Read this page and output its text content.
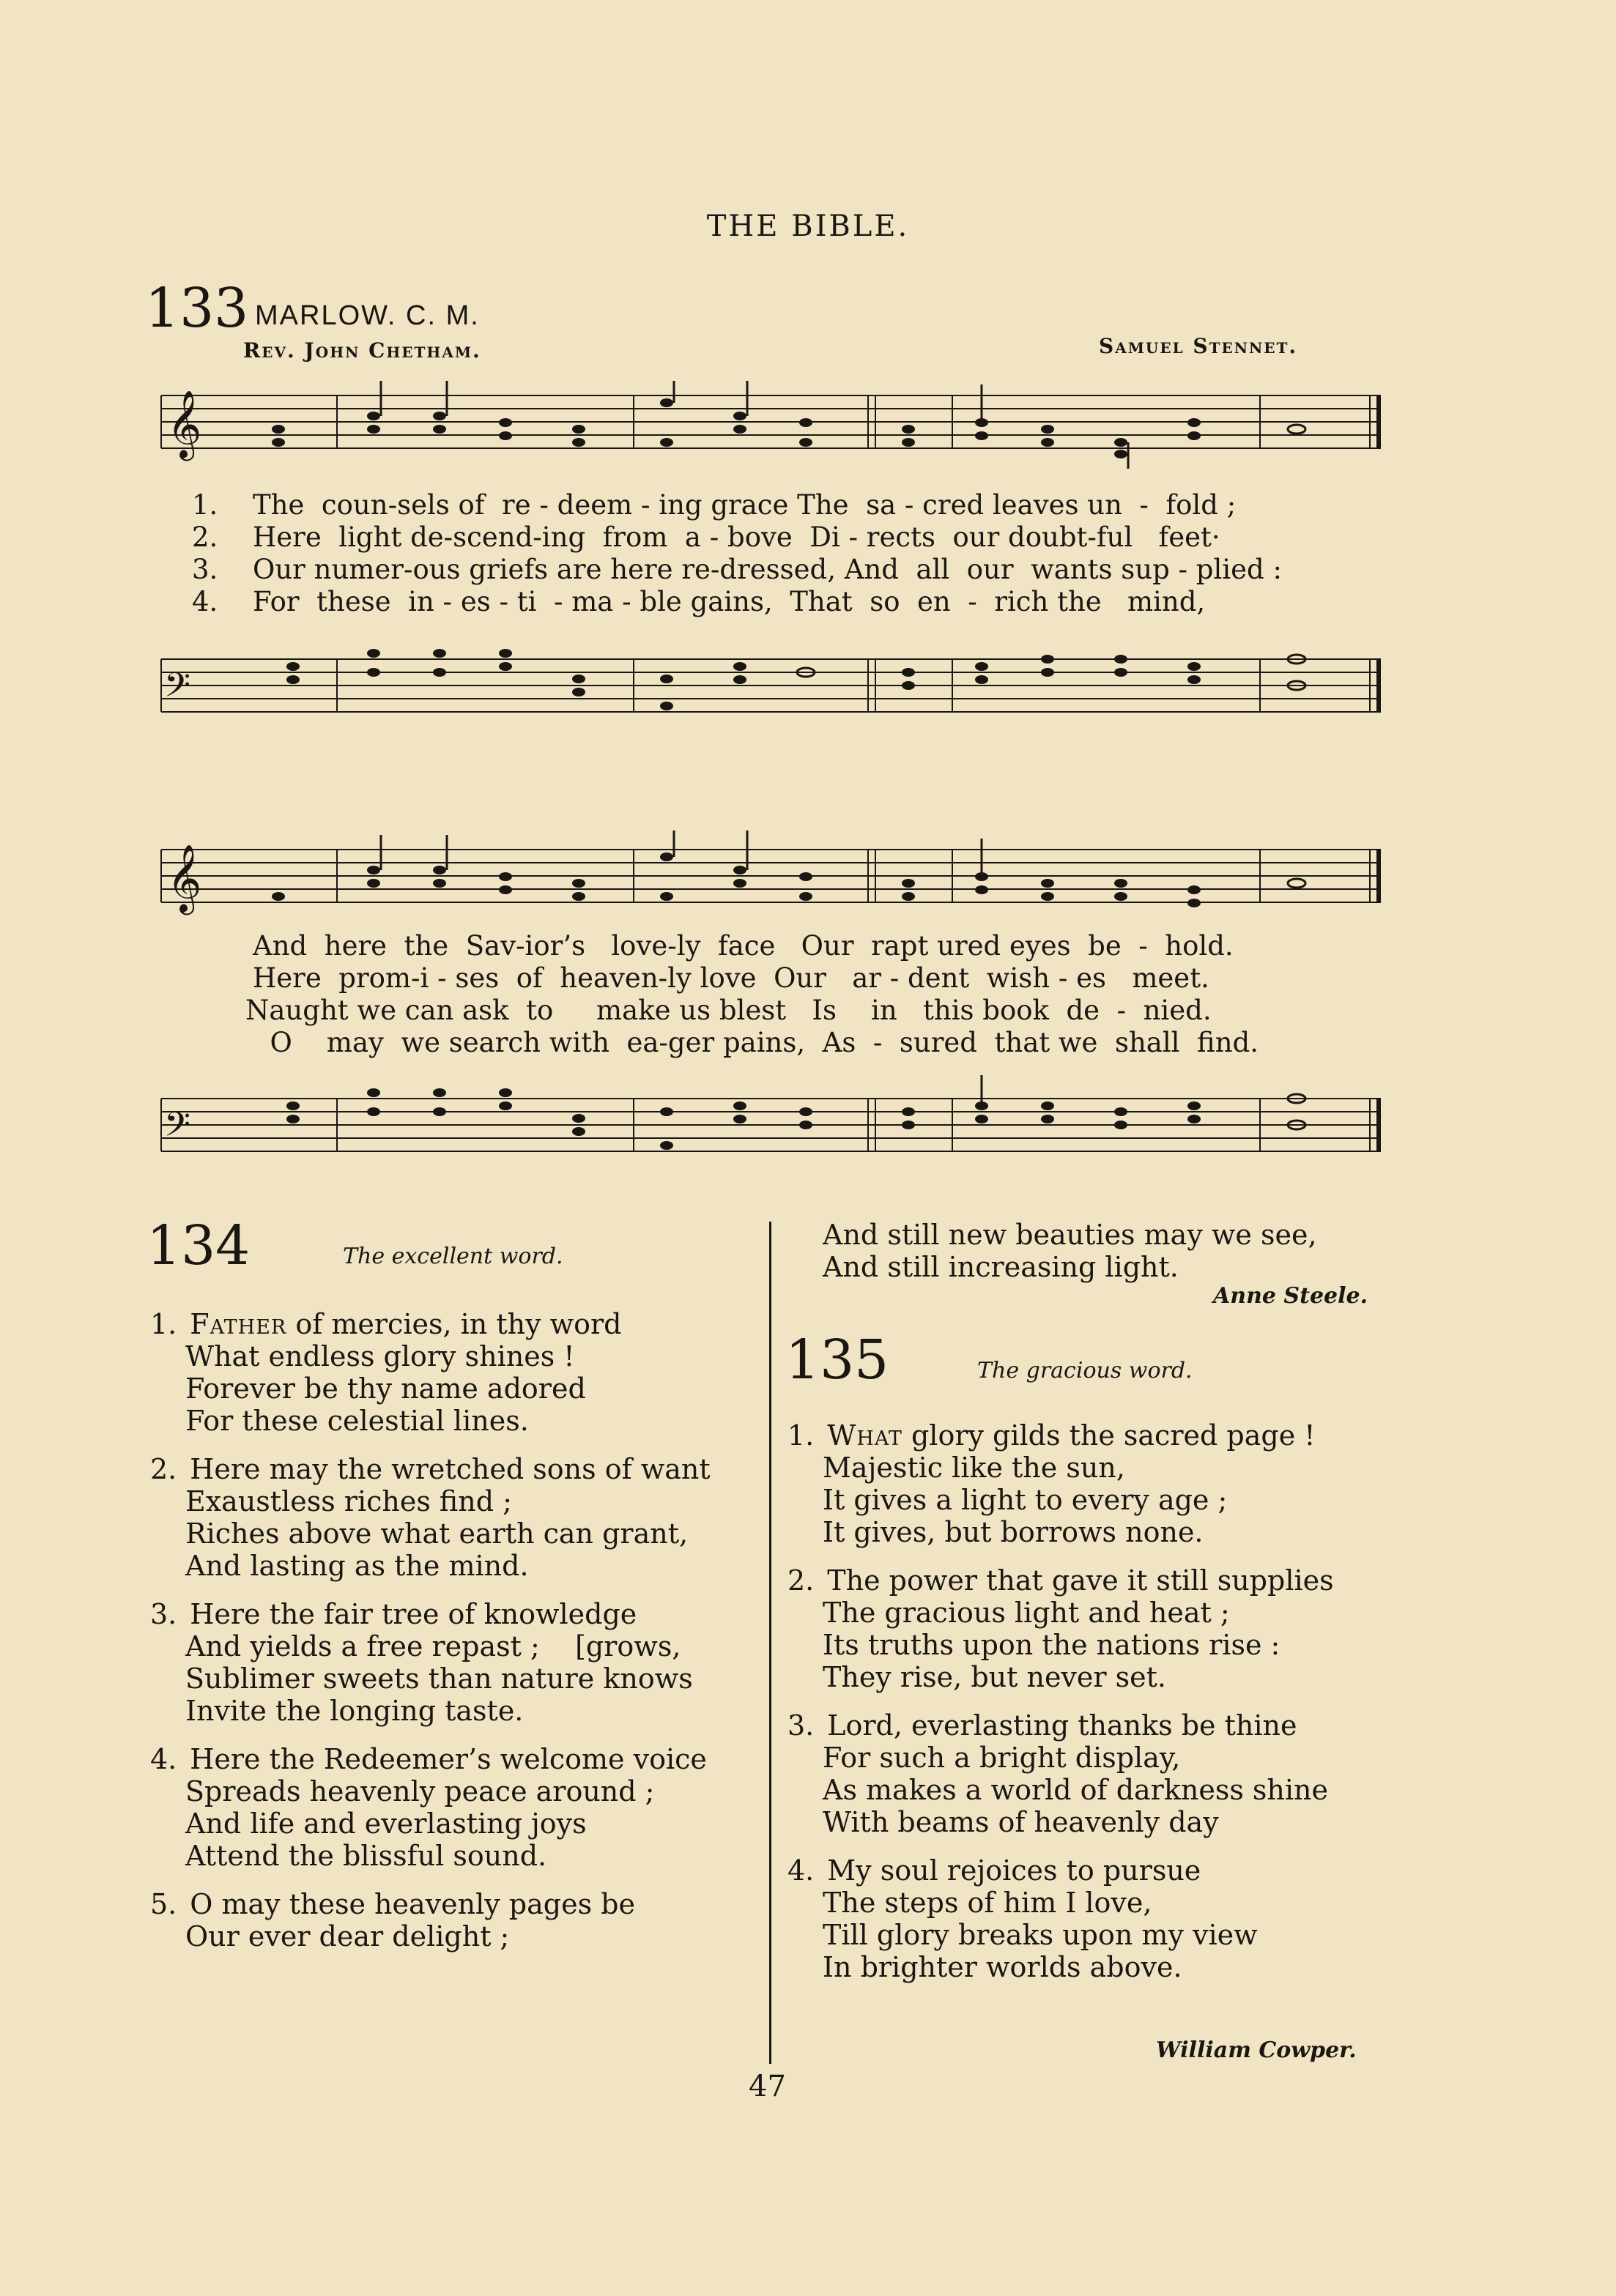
THE BIBLE.
133 MARLOW. C. M.
Rev. John Chetham.	Samuel Stennet.
𝄞
1. The  coun-sels of  re - deem - ing grace The  sa - cred leaves un  -  fold ;
2. Here  light de-scend-ing  from  a - bove  Di - rects  our doubt-ful   feet·
3. Our numer-ous griefs are here re-dressed, And  all  our  wants sup - plied :
4. For  these  in - es - ti  - ma - ble gains,  That  so  en  -  rich the   mind,
𝄢
𝄞
And  here  the  Sav-ior’s   love-ly  face   Our  rapt ured eyes  be  -  hold.
Here  prom-i - ses  of  heaven-ly love  Our   ar - dent  wish - es   meet.
Naught we can ask  to     make us blest   Is    in   this book  de  -  nied.
O    may  we search with  ea-ger pains,  As  -  sured  that we  shall  find.
𝄢
134	The excellent word.
1. Father of mercies, in thy word
What endless glory shines !
Forever be thy name adored
For these celestial lines.
2. Here may the wretched sons of want
Exaustless riches find ;
Riches above what earth can grant,
And lasting as the mind.
3. Here the fair tree of knowledge
And yields a free repast ;    [grows,
Sublimer sweets than nature knows
Invite the longing taste.
4. Here the Redeemer’s welcome voice
Spreads heavenly peace around ;
And life and everlasting joys
Attend the blissful sound.
5. O may these heavenly pages be
Our ever dear delight ;
And still new beauties may we see,
And still increasing light.
135	The gracious word.
1. What glory gilds the sacred page !
Majestic like the sun,
It gives a light to every age ;
It gives, but borrows none.
2. The power that gave it still supplies
The gracious light and heat ;
Its truths upon the nations rise :
They rise, but never set.
3. Lord, everlasting thanks be thine
For such a bright display,
As makes a world of darkness shine
With beams of heavenly day
4. My soul rejoices to pursue
The steps of him I love,
Till glory breaks upon my view
In brighter worlds above.
Anne Steele.
William Cowper.
47
